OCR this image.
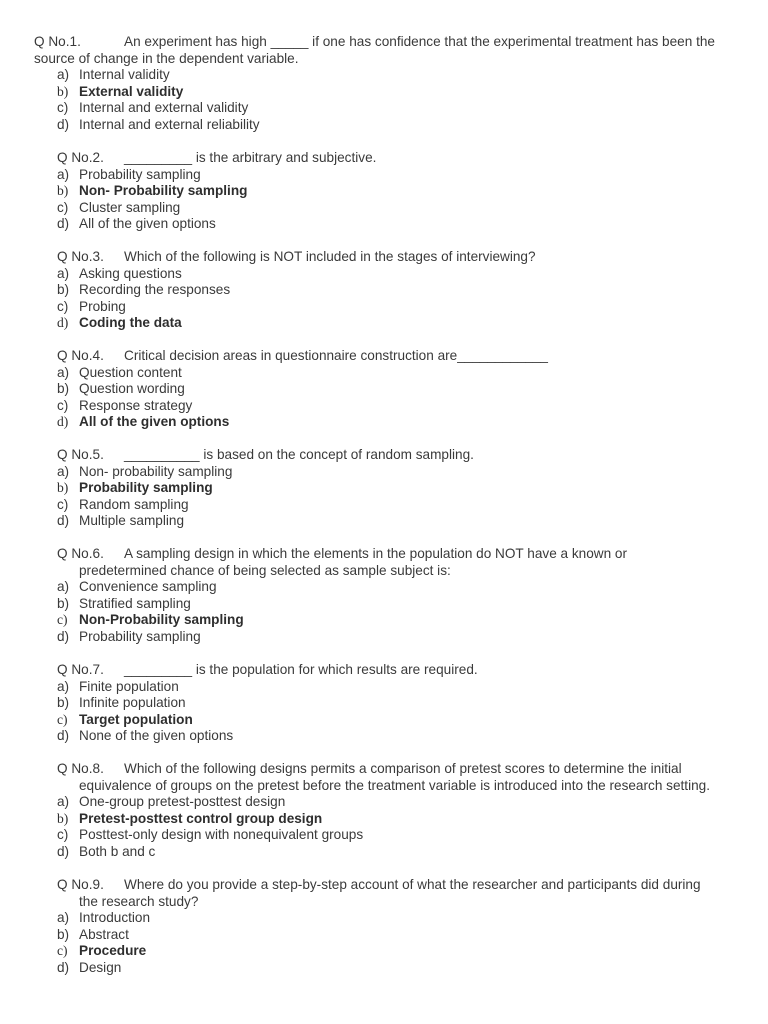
Q No.1.	An experiment has high _____ if one has confidence that the experimental treatment has been the
source of change in the dependent variable.
a) Internal validity
b) External validity
c) Internal and external validity
d) Internal and external reliability
Q No.2. _________ is the arbitrary and subjective.
a) Probability sampling
b) Non- Probability sampling
c) Cluster sampling
d) All of the given options
Q No.3. Which of the following is NOT included in the stages of interviewing?
a) Asking questions
b) Recording the responses
c) Probing
d) Coding the data
Q No.4. Critical decision areas in questionnaire construction are____________
a) Question content
b) Question wording
c) Response strategy
d) All of the given options
Q No.5. __________ is based on the concept of random sampling.
a) Non- probability sampling
b) Probability sampling
c) Random sampling
d) Multiple sampling
Q No.6. A sampling design in which the elements in the population do NOT have a known or
predetermined chance of being selected as sample subject is:
a) Convenience sampling
b) Stratified sampling
c) Non-Probability sampling
d) Probability sampling
Q No.7. _________ is the population for which results are required.
a) Finite population
b) Infinite population
c) Target population
d) None of the given options
Q No.8. Which of the following designs permits a comparison of pretest scores to determine the initial
equivalence of groups on the pretest before the treatment variable is introduced into the research setting.
a) One-group pretest-posttest design
b) Pretest-posttest control group design
c) Posttest-only design with nonequivalent groups
d) Both b and c
Q No.9. Where do you provide a step-by-step account of what the researcher and participants did during
the research study?
a) Introduction
b) Abstract
c) Procedure
d) Design
